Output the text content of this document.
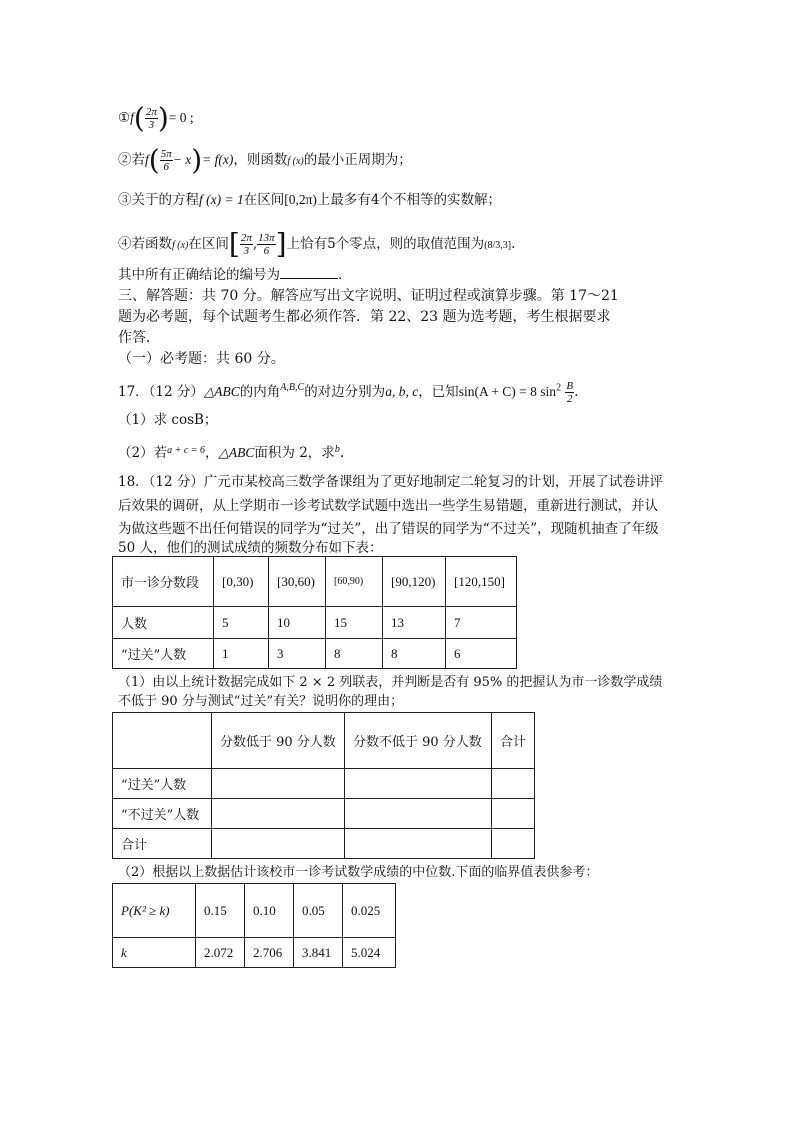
①f( $\frac{2\pi}{3}$ )= 0 ;
②若$f( \frac{5\pi}{6} - x)= f(x)$，则函数f (x)的最小正周期为；
③关于的方程f (x) = 1在区间[0,2π)上最多有4个不相等的实数解；
④若函数f (x)在区间[ $\frac{2\pi}{3}$ , $\frac{13\pi}{6}$ ]上恰有5个零点，则的取值范围为(8/3,3].
其中所有正确结论的编号为	.
三、解答题：共 70 分。解答应写出文字说明、证明过程或演算步骤。第 17～21
题为必考题，每个试题考生都必须作答．第 22、23 题为选考题，考生根据要求
作答．
（一）必考题：共 60 分。
17．（12 分）△ABC的内角$^{A,B,C}$的对边分别为a, b, c，已知sin(A + C) = 8 $\sin^2 \frac{B}{2}$ .
（1）求 cosB；
（2）若$^{a + c = 6}$，△ABC面积为 2，求$^b$.
18．（12 分）广元市某校高三数学备课组为了更好地制定二轮复习的计划，开展了试卷讲评
后效果的调研，从上学期市一诊考试数学试题中选出一些学生易错题，重新进行测试，并认
为做这些题不出任何错误的同学为“过关”，出了错误的同学为“不过关”，现随机抽查了年级
50 人，他们的测试成绩的频数分布如下表：
市一诊分数段	[0,30)	[30,60)	[60,90)	[90,120)	[120,150]
人数	5	10	15	13	7
“过关”人数	1	3	8	8	6
（1）由以上统计数据完成如下 2 × 2 列联表，并判断是否有 95% 的把握认为市一诊数学成绩
不低于 90 分与测试“过关”有关？说明你的理由；
	分数低于 90 分人数	分数不低于 90 分人数	合计
“过关”人数			
“不过关”人数			
合计			
（2）根据以上数据估计该校市一诊考试数学成绩的中位数.下面的临界值表供参考：
P(K² ≥ k)	0.15	0.10	0.05	0.025
k	2.072	2.706	3.841	5.024
